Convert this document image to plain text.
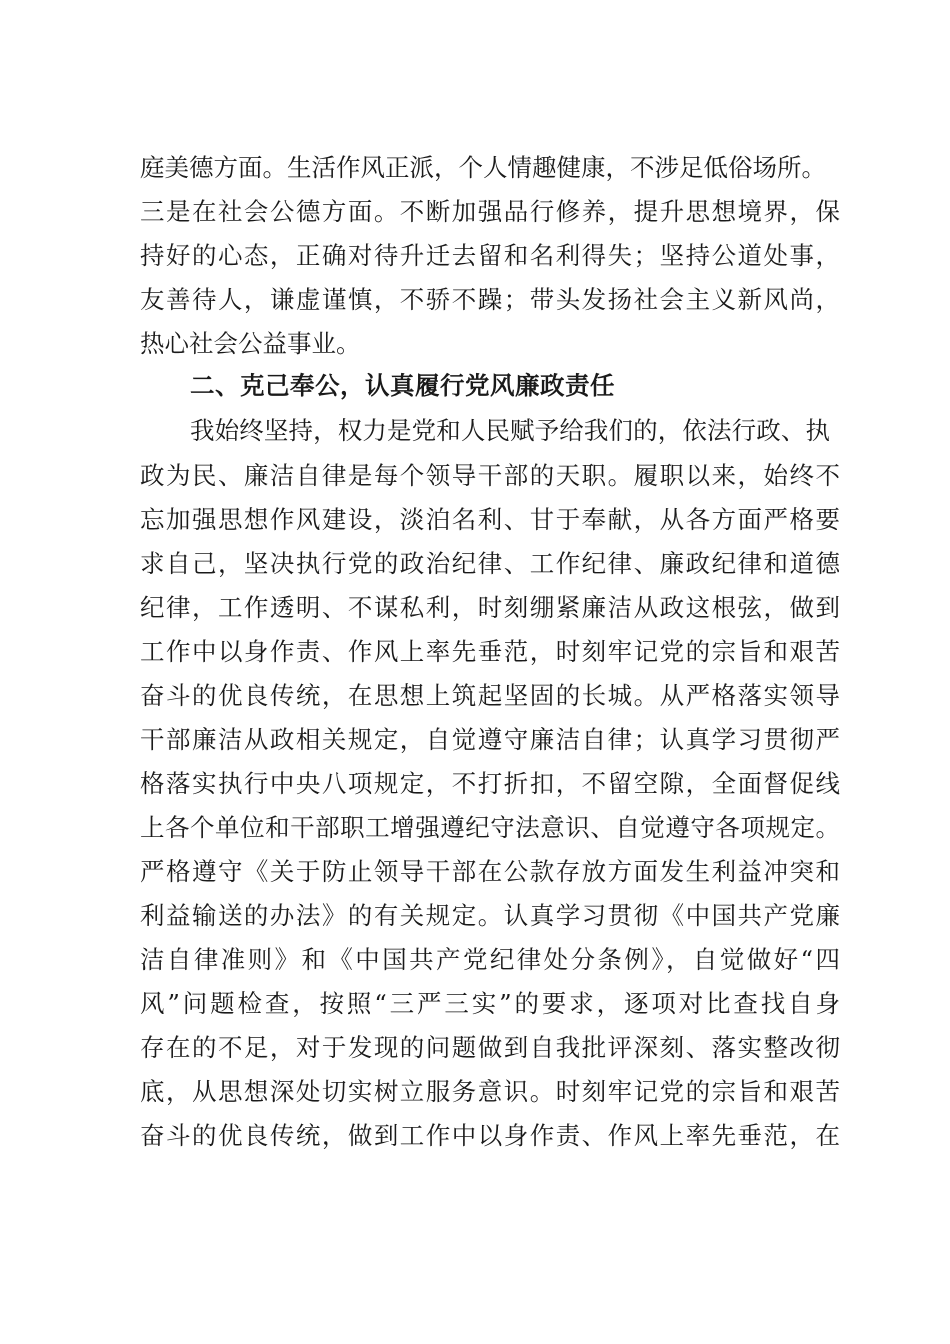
庭美德方面。生活作风正派，个人情趣健康，不涉足低俗场所。
三是在社会公德方面。不断加强品行修养，提升思想境界，保
持好的心态，正确对待升迁去留和名利得失；坚持公道处事，
友善待人，谦虚谨慎，不骄不躁；带头发扬社会主义新风尚，
热心社会公益事业。
二、克己奉公，认真履行党风廉政责任
我始终坚持，权力是党和人民赋予给我们的，依法行政、执
政为民、廉洁自律是每个领导干部的天职。履职以来，始终不
忘加强思想作风建设，淡泊名利、甘于奉献，从各方面严格要
求自己，坚决执行党的政治纪律、工作纪律、廉政纪律和道德
纪律，工作透明、不谋私利，时刻绷紧廉洁从政这根弦，做到
工作中以身作责、作风上率先垂范，时刻牢记党的宗旨和艰苦
奋斗的优良传统，在思想上筑起坚固的长城。从严格落实领导
干部廉洁从政相关规定，自觉遵守廉洁自律；认真学习贯彻严
格落实执行中央八项规定，不打折扣，不留空隙，全面督促线
上各个单位和干部职工增强遵纪守法意识、自觉遵守各项规定。
严格遵守《关于防止领导干部在公款存放方面发生利益冲突和
利益输送的办法》的有关规定。认真学习贯彻《中国共产党廉
洁自律准则》和《中国共产党纪律处分条例》，自觉做好“四
风”问题检查，按照“三严三实”的要求，逐项对比查找自身
存在的不足，对于发现的问题做到自我批评深刻、落实整改彻
底，从思想深处切实树立服务意识。时刻牢记党的宗旨和艰苦
奋斗的优良传统，做到工作中以身作责、作风上率先垂范，在
